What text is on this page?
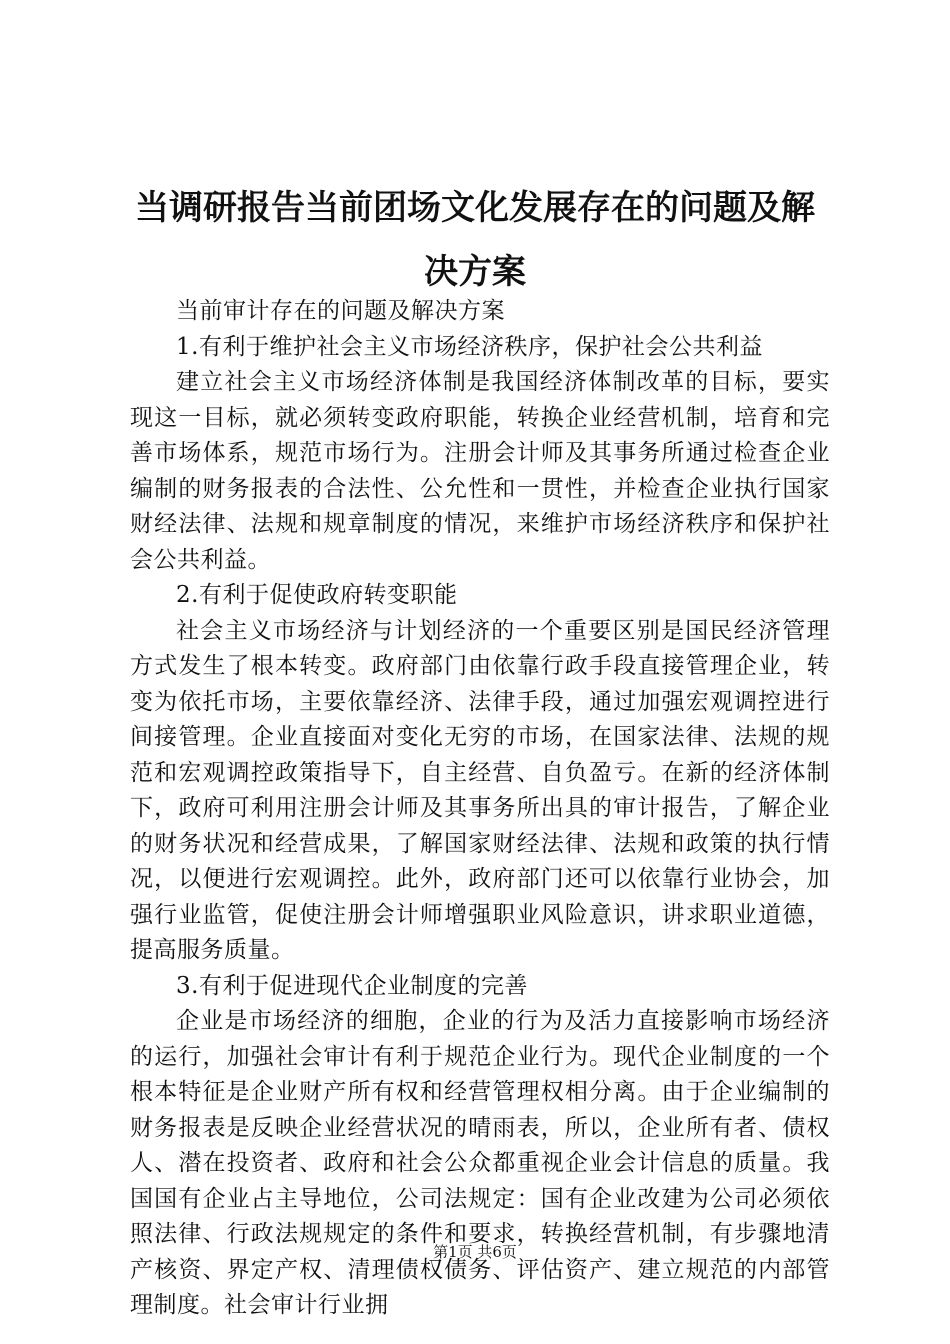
当调研报告当前团场文化发展存在的问题及解
决方案

当前审计存在的问题及解决方案

1.有利于维护社会主义市场经济秩序，保护社会公共利益

建立社会主义市场经济体制是我国经济体制改革的目标，要实现这一目标，就必须转变政府职能，转换企业经营机制，培育和完善市场体系，规范市场行为。注册会计师及其事务所通过检查企业编制的财务报表的合法性、公允性和一贯性，并检查企业执行国家财经法律、法规和规章制度的情况，来维护市场经济秩序和保护社会公共利益。

2.有利于促使政府转变职能

社会主义市场经济与计划经济的一个重要区别是国民经济管理方式发生了根本转变。政府部门由依靠行政手段直接管理企业，转变为依托市场，主要依靠经济、法律手段，通过加强宏观调控进行间接管理。企业直接面对变化无穷的市场，在国家法律、法规的规范和宏观调控政策指导下，自主经营、自负盈亏。在新的经济体制下，政府可利用注册会计师及其事务所出具的审计报告，了解企业的财务状况和经营成果，了解国家财经法律、法规和政策的执行情况，以便进行宏观调控。此外，政府部门还可以依靠行业协会，加强行业监管，促使注册会计师增强职业风险意识，讲求职业道德，提高服务质量。

3.有利于促进现代企业制度的完善

企业是市场经济的细胞，企业的行为及活力直接影响市场经济的运行，加强社会审计有利于规范企业行为。现代企业制度的一个根本特征是企业财产所有权和经营管理权相分离。由于企业编制的财务报表是反映企业经营状况的晴雨表，所以，企业所有者、债权人、潜在投资者、政府和社会公众都重视企业会计信息的质量。我国国有企业占主导地位，公司法规定：国有企业改建为公司必须依照法律、行政法规规定的条件和要求，转换经营机制，有步骤地清产核资、界定产权、清理债权债务、评估资产、建立规范的内部管理制度。社会审计行业拥

第1页 共6页
